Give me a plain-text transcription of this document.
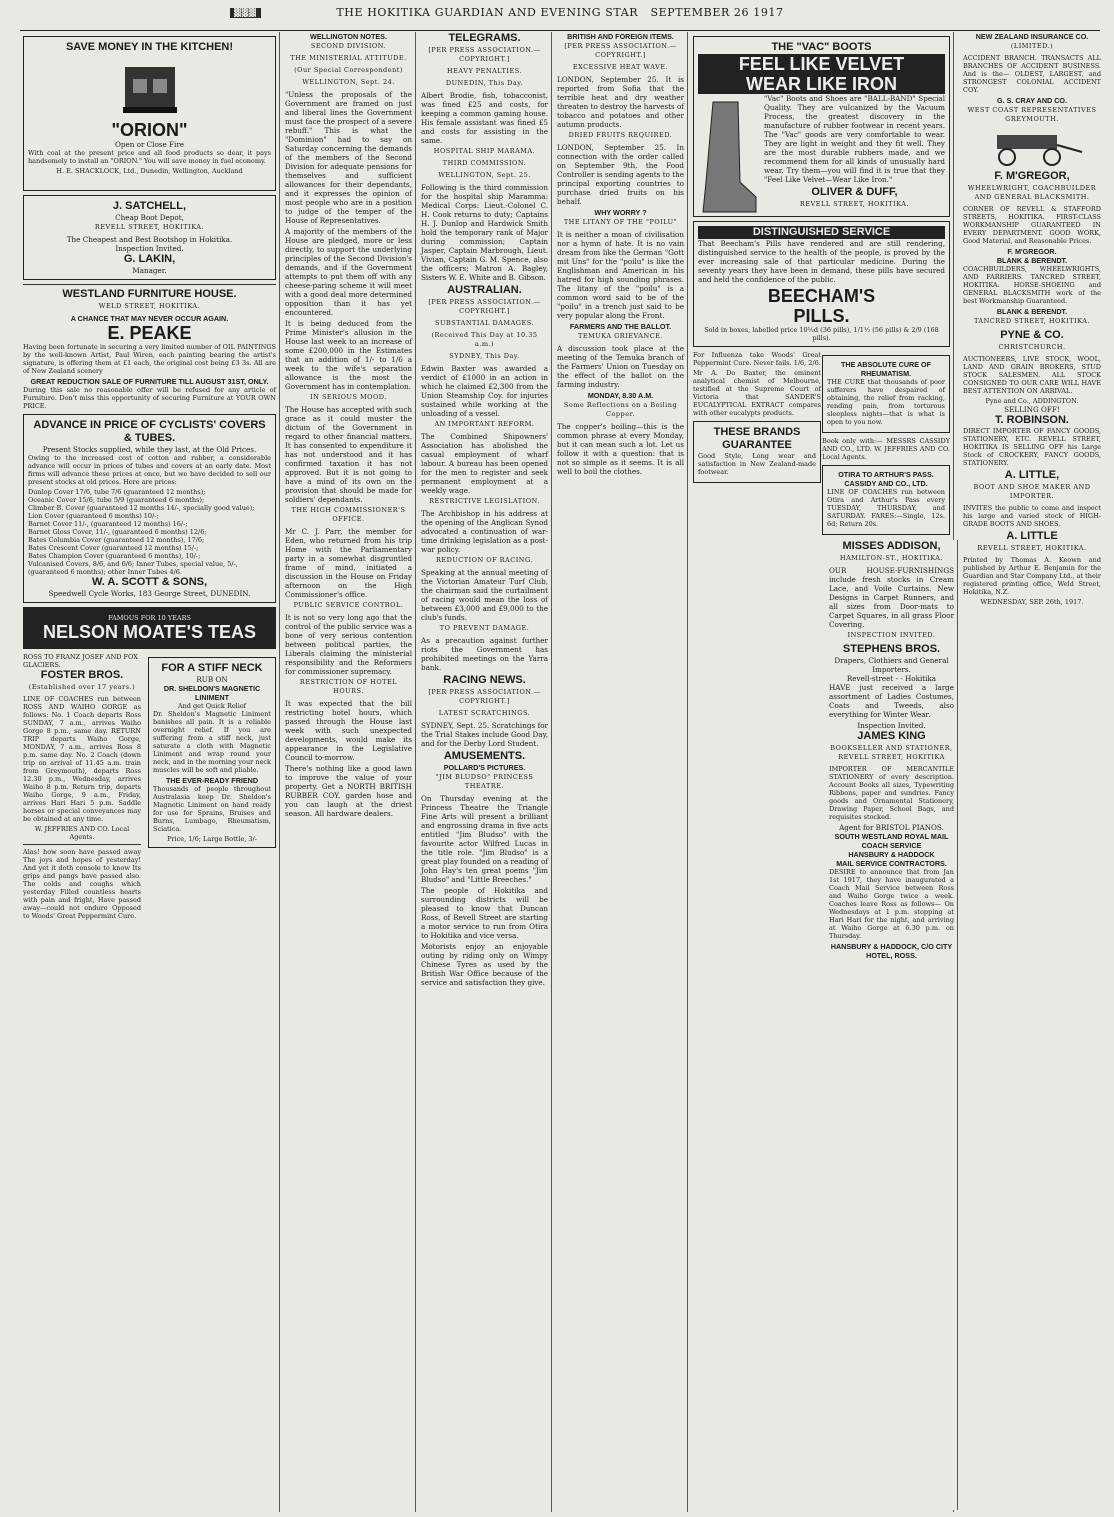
▓▓▓	THE HOKITIKA GUARDIAN AND EVENING STAR SEPTEMBER 26 1917
SAVE MONEY IN THE KITCHEN!
"ORION"
Open or Close Fire

With coal at the present price and all food products so dear, it pays handsomely to install an "ORION." You will save money in fuel economy.

H. E. SHACKLOCK, Ltd., Dunedin, Wellington, Auckland
J. SATCHELL,
Cheap Boot Depot,
REVELL STREET, HOKITIKA.
The Cheapest and Best Bootshop in Hokitika.
Inspection Invited.
G. LAKIN,
Manager.
WESTLAND FURNITURE HOUSE.
WELD STREET, HOKITIKA.
A CHANCE THAT MAY NEVER OCCUR AGAIN.
E. PEAKE

Having been fortunate in securing a very limited number of OIL PAINTINGS by the well-known Artist, Paul Wiren, each painting bearing the artist's signature, is offering them at £1 each, the original cost being £3 3s. All are of New Zealand scenery

GREAT REDUCTION SALE OF FURNITURE TILL AUGUST 31ST, ONLY.

During this sale no reasonable offer will be refused for any article of Furniture. Don't miss this opportunity of securing Furniture at YOUR OWN PRICE.

ADVANCE IN PRICE OF CYCLISTS' COVERS & TUBES.
Present Stocks supplied, while they last, at the Old Prices.

Owing to the increased cost of cotton and rubber, a considerable advance will occur in prices of tubes and covers at an early date. Most firms will advance these prices at once, but we have decided to sell our present stocks at old prices. Here are prices:

Dunlop Cover 17/6, tube 7/6 (guaranteed 12 months);
Oceanic Cover 15/6, tube 5/9 (guaranteed 6 months);
Climber B. Cover (guaranteed 12 months 14/-, specially good value);
Lion Cover (guaranteed 6 months) 10/-;
Barnet Cover 11/-, (guaranteed 12 months) 16/-;
Barnet Gloss Cover, 11/-, (guaranteed 6 months) 12/6;
Bates Columbia Cover (guaranteed 12 months), 17/6;
Bates Crescent Cover (guaranteed 12 months) 15/-;
Bates Champion Cover (guaranteed 6 months), 10/-;
Vulcanised Covers, 8/6, and 6/6; Inner Tubes, special value, 5/-, (guaranteed 6 months); other Inner Tubes 4/6.
W. A. SCOTT & SONS,
Speedwell Cycle Works, 183 George Street, DUNEDIN.
FAMOUS FOR 10 YEARS
NELSON MOATE'S TEAS
ROSS TO FRANZ JOSEF AND FOX GLACIERS.
FOSTER BROS.
(Established over 17 years.)

LINE OF COACHES run between ROSS AND WAIHO GORGE as follows: No. 1 Coach departs Ross SUNDAY, 7 a.m., arrives Waiho Gorge 8 p.m., same day. RETURN TRIP departs Waiho Gorge, MONDAY, 7 a.m., arrives Ross 8 p.m. same day. No. 2 Coach (down trip on arrival of 11.45 a.m. train from Greymouth), departs Ross 12.30 p.m., Wednesday, arrives Waiho 8 p.m. Return trip, departs Waiho Gorge, 9 a.m., Friday, arrives Hari Hari 5 p.m. Saddle horses or special conveyances may be obtained at any time.

W. JEFFRIES AND CO. Local Agents.

Alas! how soon have passed away The joys and hopes of yesterday! And yet it doth console to know Its grips and pangs have passed also. The colds and coughs which yesterday Filled countless hearts with pain and fright, Have passed away—could not endure Opposed to Woods' Great Peppermint Cure.

FOR A STIFF NECK
RUB ON
DR. SHELDON'S MAGNETIC LINIMENT
And get Quick Relief

Dr. Sheldon's Magnetic Liniment banishes all pain. It is a reliable overnight relief. If you are suffering from a stiff neck, just saturate a cloth with Magnetic Liniment and wrap round your neck, and in the morning your neck muscles will be soft and pliable.

THE EVER-READY FRIEND

Thousands of people throughout Australasia keep Dr. Sheldon's Magnetic Liniment on hand ready for use for Sprains, Bruises and Burns, Lumbago, Rheumatism, Sciatica.

Price, 1/6; Large Bottle, 3/-
WELLINGTON NOTES.
SECOND DIVISION.
THE MINISTERIAL ATTITUDE.
(Our Special Correspondent)
WELLINGTON, Sept. 24.

"Unless the proposals of the Government are framed on just and liberal lines the Government must face the prospect of a severe rebuff." This is what the "Dominion" had to say on Saturday concerning the demands of the members of the Second Division for adequate pensions for themselves and sufficient allowances for their dependants, and it expresses the opinion of most people who are in a position to judge of the temper of the House of Representatives.

A majority of the members of the House are pledged, more or less directly, to support the underlying principles of the Second Division's demands, and if the Government attempts to put them off with any cheese-paring scheme it will meet with a good deal more determined opposition than it has yet encountered.

It is being deduced from the Prime Minister's allusion in the House last week to an increase of some £200,000 in the Estimates that an addition of 1/- to 1/6 a week to the wife's separation allowance is the most the Government has in contemplation.

IN SERIOUS MOOD.

The House has accepted with such grace as it could muster the dictum of the Government in regard to other financial matters. It has consented to expenditure it has not understood and it has confirmed taxation it has not approved. But it is not going to have a mind of its own on the provision that should be made for soldiers' dependants.

THE HIGH COMMISSIONER'S OFFICE.

Mr C. J. Parr, the member for Eden, who returned from his trip Home with the Parliamentary party in a somewhat disgruntled frame of mind, initiated a discussion in the House on Friday afternoon on the High Commissioner's office.

PUBLIC SERVICE CONTROL.

It is not so very long ago that the control of the public service was a bone of very serious contention between political parties, the Liberals claiming the ministerial responsibility and the Reformers for commissioner supremacy.

RESTRICTION OF HOTEL HOURS.

It was expected that the bill restricting hotel hours, which passed through the House last week with such unexpected developments, would make its appearance in the Legislative Council to-morrow.

There's nothing like a good lawn to improve the value of your property. Get a NORTH BRITISH RUBBER COY. garden hose and you can laugh at the driest season. All hardware dealers.

TELEGRAMS.
[PER PRESS ASSOCIATION.—COPYRIGHT.]
HEAVY PENALTIES.
DUNEDIN, This Day.

Albert Brodie, fish, tobacconist, was fined £25 and costs, for keeping a common gaming house. His female assistant was fined £5 and costs for assisting in the same.

HOSPITAL SHIP MARAMA.
THIRD COMMISSION.
WELLINGTON, Sept. 25.

Following is the third commission for the hospital ship Maramma: Medical Corps: Lieut.-Colonel C. H. Cook returns to duty; Captains H. J. Dunlop and Hardwick Smith hold the temporary rank of Major during commission; Captain Jasper, Captain Marbrough, Lieut. Vivian, Captain G. M. Spence, also the officers; Matron A. Bagley, Sisters W. E. White and B. Gibson.

AUSTRALIAN.
[PER PRESS ASSOCIATION.—COPYRIGHT.]
SUBSTANTIAL DAMAGES.
(Received This Day at 10.35 a.m.)
SYDNEY, This Day.

Edwin Baxter was awarded a verdict of £1000 in an action in which he claimed £2,300 from the Union Steamship Coy. for injuries sustained while working at the unloading of a vessel.

AN IMPORTANT REFORM.

The Combined Shipowners' Association has abolished the casual employment of wharf labour. A bureau has been opened for the men to register and seek permanent employment at a weekly wage.

RESTRICTIVE LEGISLATION.

The Archbishop in his address at the opening of the Anglican Synod advocated a continuation of war-time drinking legislation as a post-war policy.

REDUCTION OF RACING.

Speaking at the annual meeting of the Victorian Amateur Turf Club, the chairman said the curtailment of racing would mean the loss of between £3,000 and £9,000 to the club's funds.

TO PREVENT DAMAGE.

As a precaution against further riots the Government has prohibited meetings on the Yarra bank.

RACING NEWS.
[PER PRESS ASSOCIATION.—COPYRIGHT.]
LATEST SCRATCHINGS.

SYDNEY, Sept. 25. Scratchings for the Trial Stakes include Good Day, and for the Derby Lord Student.

AMUSEMENTS.
POLLARD'S PICTURES.
"JIM BLUDSO" PRINCESS THEATRE.

On Thursday evening at the Princess Theatre the Triangle Fine Arts will present a brilliant and engrossing drama in five acts entitled "Jim Bludso" with the favourite actor Wilfred Lucas in the title role. "Jim Bludso" is a great play founded on a reading of John Hay's ten great poems "Jim Bludso" and "Little Breeches."

The people of Hokitika and surrounding districts will be pleased to know that Duncan Ross, of Revell Street are starting a motor service to run from Otira to Hokitika and vice versa.

Motorists enjoy an enjoyable outing by riding only on Wimpy Chinese Tyres as used by the British War Office because of the service and satisfaction they give.

BRITISH AND FOREIGN ITEMS.
[PER PRESS ASSOCIATION.—COPYRIGHT.]
EXCESSIVE HEAT WAVE.

LONDON, September 25. It is reported from Sofia that the terrible heat and dry weather threaten to destroy the harvests of tobacco and potatoes and other autumn products.

DRIED FRUITS REQUIRED.

LONDON, September 25. In connection with the order called on September 9th, the Food Controller is sending agents to the principal exporting countries to purchase dried fruits on his behalf.

WHY WORRY ?
THE LITANY OF THE "POILU"

It is neither a moan of civilisation nor a hymn of hate. It is no vain dream from like the German "Gott mit Uns" for the "poilu" is like the Englishman and American in his hatred for high sounding phrases. The litany of the "poilu" is a common word said to be of the "poilu" in a trench just said to be very popular along the Front.

FARMERS AND THE BALLOT.
TEMUKA GRIEVANCE.

A discussion took place at the meeting of the Temuka branch of the Farmers' Union on Tuesday on the effect of the ballot on the farming industry.

MONDAY, 8.30 A.M.
Some Reflections on a Boiling Copper.

The copper's boiling—this is the common phrase at every Monday, but it can mean such a lot. Let us follow it with a question: that is not so simple as it seems. It is all well to boil the clothes.

THE "VAC" BOOTS
FEEL LIKE VELVET
WEAR LIKE IRON

"Vac" Boots and Shoes are "BALL-BAND" Special Quality. They are vulcanized by the Vacuum Process, the greatest discovery in the manufacture of rubber footwear in recent years. The "Vac" goods are very comfortable to wear. They are light in weight and they fit well. They are the most durable rubbers made, and we recommend them for all kinds of unusually hard wear. Try them—you will find it is true that they "Feel Like Velvet—Wear Like Iron."

OLIVER & DUFF,
REVELL STREET, HOKITIKA.
DISTINGUISHED SERVICE

That Beecham's Pills have rendered and are still rendering, distinguished service to the health of the people, is proved by the ever increasing sale of that particular medicine. During the seventy years they have been in demand, these pills have secured and held the confidence of the public.

BEECHAM'S
PILLS.
Sold in boxes, labelled price 10½d (36 pills), 1/1½ (56 pills) & 2/9 (168 pills).

For Influenza take Woods' Great Peppermint Cure. Never fails. 1/6, 2/6.

Mr A. Do Baxter, the eminent analytical chemist of Melbourne, testified at the Supreme Court of Victoria that SANDER'S EUCALYPTICAL EXTRACT compares with other eucalypts products.

THESE BRANDS GUARANTEE

Good Style, Long wear and satisfaction in New Zealand-made footwear.

THE ABSOLUTE CURE OF RHEUMATISM.

THE CURE that thousands of poor sufferers have despaired of obtaining, the relief from racking, rending pain, from torturous sleepless nights—that is what is open to you now.

Book only with:— MESSRS CASSIDY AND CO., LTD. W. JEFFRIES AND CO. Local Agents.

OTIRA TO ARTHUR'S PASS. CASSIDY AND CO., LTD.

LINE OF COACHES run between Otira and Arthur's Pass every TUESDAY, THURSDAY, and SATURDAY. FARES:—Single, 12s. 6d; Return 20s.

MISSES ADDISON,
HAMILTON-ST., HOKITIKA.

OUR HOUSE-FURNISHINGS include fresh stocks in Cream Lace, and Voile Curtains. New Designs in Carpet Runners, and all sizes from Door-mats to Carpet Squares, in all grass Floor Covering.

INSPECTION INVITED.
STEPHENS BROS.
Drapers, Clothiers and General Importers.
Revell-street - - Hokitika

HAVE just received a large assortment of Ladies Costumes, Coats and Tweeds, also everything for Winter Wear.

Inspection Invited.
JAMES KING
BOOKSELLER AND STATIONER, REVELL STREET, HOKITIKA

IMPORTER OF MERCANTILE STATIONERY of every description. Account Books all sizes, Typewriting Ribbons, paper and sundries. Fancy goods and Ornamental Stationery, Drawing Paper, School Bags, and requisites stocked.

Agent for BRISTOL PIANOS.
SOUTH WESTLAND ROYAL MAIL COACH SERVICE
HANSBURY & HADDOCK
MAIL SERVICE CONTRACTORS.

DESIRE to announce that from Jan 1st 1917, they have inaugurated a Coach Mail Service between Ross and Waiho Gorge twice a week. Coaches leave Ross as follows— On Wednesdays at 1 p.m. stopping at Hari Hari for the night, and arriving at Waiho Gorge at 6.30 p.m. on Thursday.

HANSBURY & HADDOCK, C/O CITY HOTEL, ROSS.
NEW ZEALAND INSURANCE CO.
(LIMITED.)

ACCIDENT BRANCH. TRANSACTS ALL BRANCHES OF ACCIDENT BUSINESS. And is the— OLDEST, LARGEST, and STRONGEST COLONIAL ACCIDENT COY.

G. S. CRAY AND CO.
WEST COAST REPRESENTATIVES GREYMOUTH.
F. M'GREGOR,
WHEELWRIGHT, COACHBUILDER AND GENERAL BLACKSMITH.

CORNER OF REVELL & STAFFORD STREETS, HOKITIKA. FIRST-CLASS WORKMANSHIP GUARANTEED IN EVERY DEPARTMENT. GOOD WORK, Good Material, and Reasonable Prices.

F. M'GREGOR.
BLANK & BERENDT.

COACHBUILDERS, WHEELWRIGHTS, AND FARRIERS. TANCRED STREET, HOKITIKA. HORSE-SHOEING and GENERAL BLACKSMITH work of the best Workmanship Guaranteed.

BLANK & BERENDT.
TANCRED STREET, HOKITIKA.
PYNE & CO.
CHRISTCHURCH.

AUCTIONEERS, LIVE STOCK, WOOL, LAND AND GRAIN BROKERS, STUD STOCK SALESMEN. ALL STOCK CONSIGNED TO OUR CARE WILL HAVE BEST ATTENTION ON ARRIVAL.

Pyne and Co., ADDINGTON.
SELLING OFF!
T. ROBINSON.

DIRECT IMPORTER OF FANCY GOODS, STATIONERY, ETC. REVELL STREET, HOKITIKA IS SELLING OFF his Large Stock of CROCKERY, FANCY GOODS, STATIONERY.

A. LITTLE,
BOOT AND SHOE MAKER AND IMPORTER.

INVITES the public to come and inspect his large and varied stock of HIGH-GRADE BOOTS AND SHOES.

A. LITTLE
REVELL STREET, HOKITIKA.

Printed by Thomas A. Keown and published by Arthur E. Benjamin for the Guardian and Star Company Ltd., at their registered printing office, Weld Street, Hokitika, N.Z.

WEDNESDAY, SEP. 26th, 1917.
